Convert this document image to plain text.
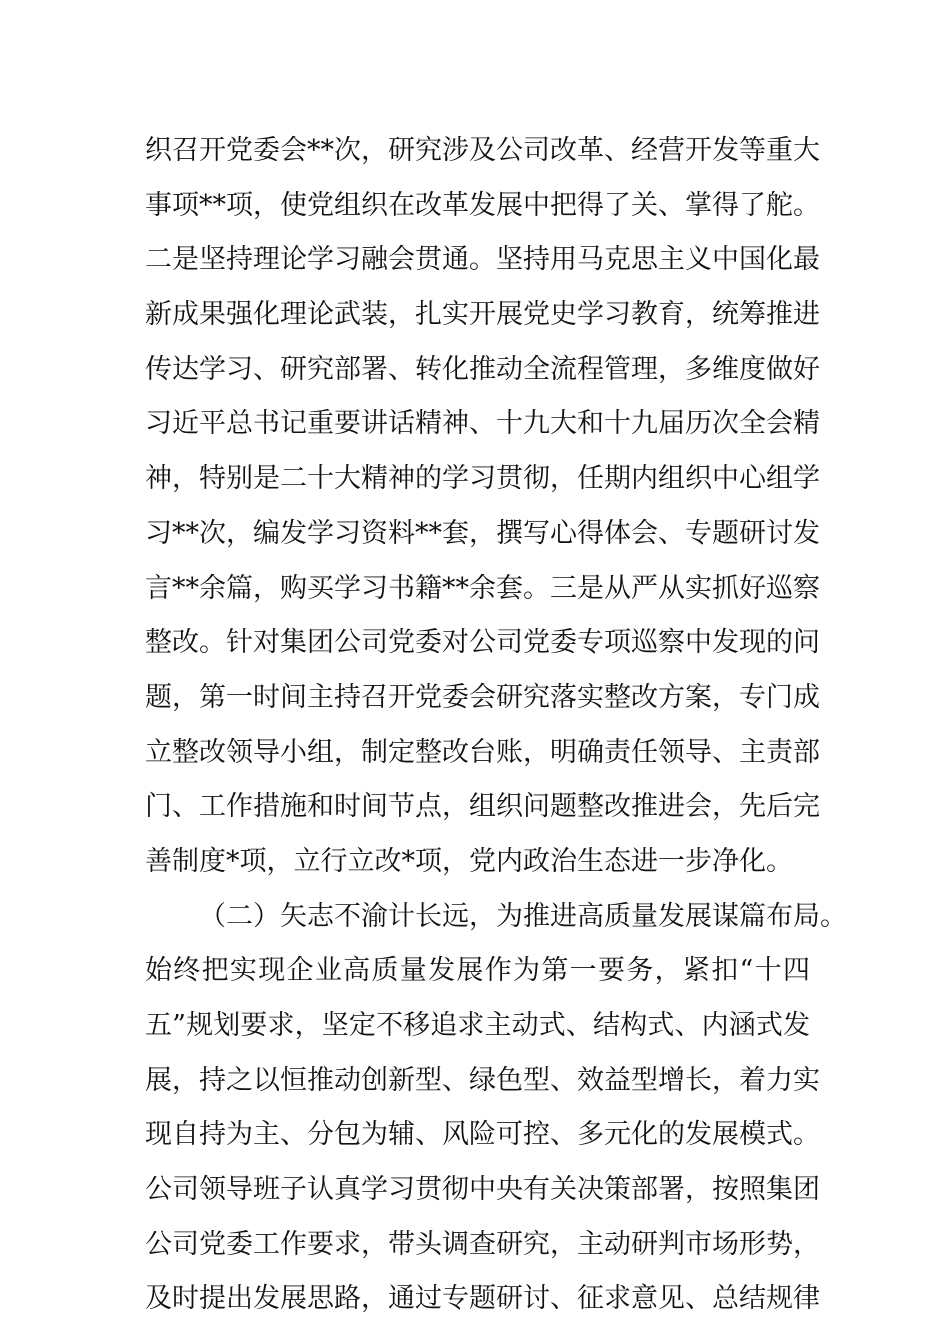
织召开党委会**次，研究涉及公司改革、经营开发等重大
事项**项，使党组织在改革发展中把得了关、掌得了舵。
二是坚持理论学习融会贯通。坚持用马克思主义中国化最
新成果强化理论武装，扎实开展党史学习教育，统筹推进
传达学习、研究部署、转化推动全流程管理，多维度做好
习近平总书记重要讲话精神、十九大和十九届历次全会精
神，特别是二十大精神的学习贯彻，任期内组织中心组学
习**次，编发学习资料**套，撰写心得体会、专题研讨发
言**余篇，购买学习书籍**余套。三是从严从实抓好巡察
整改。针对集团公司党委对公司党委专项巡察中发现的问
题，第一时间主持召开党委会研究落实整改方案，专门成
立整改领导小组，制定整改台账，明确责任领导、主责部
门、工作措施和时间节点，组织问题整改推进会，先后完
善制度*项，立行立改*项，党内政治生态进一步净化。
（二）矢志不渝计长远，为推进高质量发展谋篇布局。
始终把实现企业高质量发展作为第一要务，紧扣“十四
五”规划要求，坚定不移追求主动式、结构式、内涵式发
展，持之以恒推动创新型、绿色型、效益型增长，着力实
现自持为主、分包为辅、风险可控、多元化的发展模式。
公司领导班子认真学习贯彻中央有关决策部署，按照集团
公司党委工作要求，带头调查研究，主动研判市场形势，
及时提出发展思路，通过专题研讨、征求意见、总结规律
